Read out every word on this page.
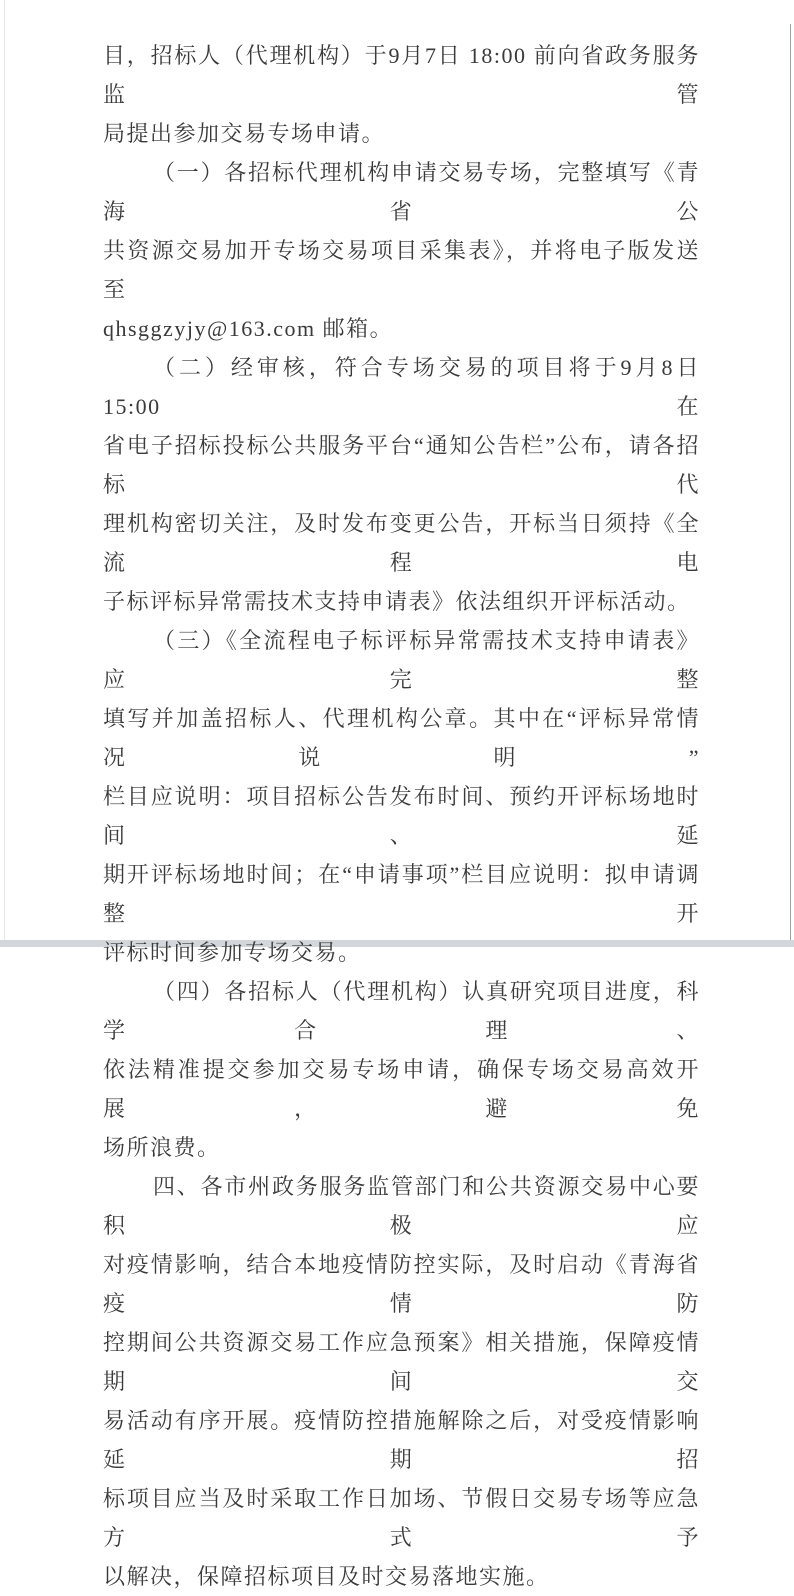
目，招标人（代理机构）于9月7日 18:00 前向省政务服务监管
局提出参加交易专场申请。
（一）各招标代理机构申请交易专场，完整填写《青海省公
共资源交易加开专场交易项目采集表》，并将电子版发送至
qhsggzyjy@163.com 邮箱。
（二）经审核，符合专场交易的项目将于9月8日 15:00 在
省电子招标投标公共服务平台“通知公告栏”公布，请各招标代
理机构密切关注，及时发布变更公告，开标当日须持《全流程电
子标评标异常需技术支持申请表》依法组织开评标活动。
（三）《全流程电子标评标异常需技术支持申请表》应完整
填写并加盖招标人、代理机构公章。其中在“评标异常情况说明”
栏目应说明：项目招标公告发布时间、预约开评标场地时间、延
期开评标场地时间；在“申请事项”栏目应说明：拟申请调整开
评标时间参加专场交易。
（四）各招标人（代理机构）认真研究项目进度，科学合理、
依法精准提交参加交易专场申请，确保专场交易高效开展，避免
场所浪费。
四、各市州政务服务监管部门和公共资源交易中心要积极应
对疫情影响，结合本地疫情防控实际，及时启动《青海省疫情防
控期间公共资源交易工作应急预案》相关措施，保障疫情期间交
易活动有序开展。疫情防控措施解除之后，对受疫情影响延期招
标项目应当及时采取工作日加场、节假日交易专场等应急方式予
以解决，保障招标项目及时交易落地实施。
